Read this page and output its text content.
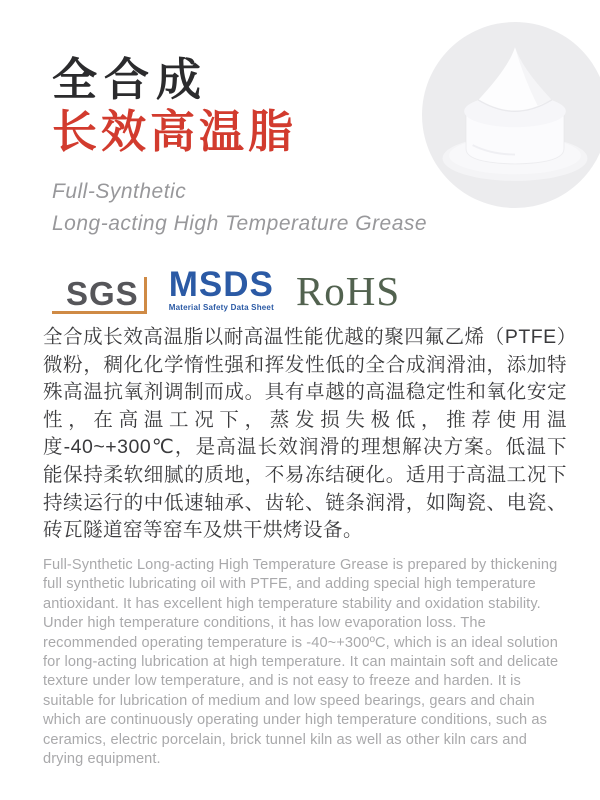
全合成
长效高温脂
Full-Synthetic
Long-acting High Temperature Grease
SGS MSDS
Material Safety Data Sheet RoHS

全合成长效高温脂以耐高温性能优越的聚四氟乙烯（PTFE）微粉，稠化化学惰性强和挥发性低的全合成润滑油，添加特殊高温抗氧剂调制而成。具有卓越的高温稳定性和氧化安定性，在高温工况下，蒸发损失极低，推荐使用温度-40~+300℃，是高温长效润滑的理想解决方案。低温下能保持柔软细腻的质地，不易冻结硬化。适用于高温工况下持续运行的中低速轴承、齿轮、链条润滑，如陶瓷、电瓷、砖瓦隧道窑等窑车及烘干烘烤设备。

Full-Synthetic Long-acting High Temperature Grease is prepared by thickening full synthetic lubricating oil with PTFE, and adding special high temperature antioxidant. It has excellent high temperature stability and oxidation stability. Under high temperature conditions, it has low evaporation loss. The recommended operating temperature is -40~+300ºC, which is an ideal solution for long-acting lubrication at high temperature. It can maintain soft and delicate texture under low temperature, and is not easy to freeze and harden. It is suitable for lubrication of medium and low speed bearings, gears and chain which are continuously operating under high temperature conditions, such as ceramics, electric porcelain, brick tunnel kiln as well as other kiln cars and drying equipment.
